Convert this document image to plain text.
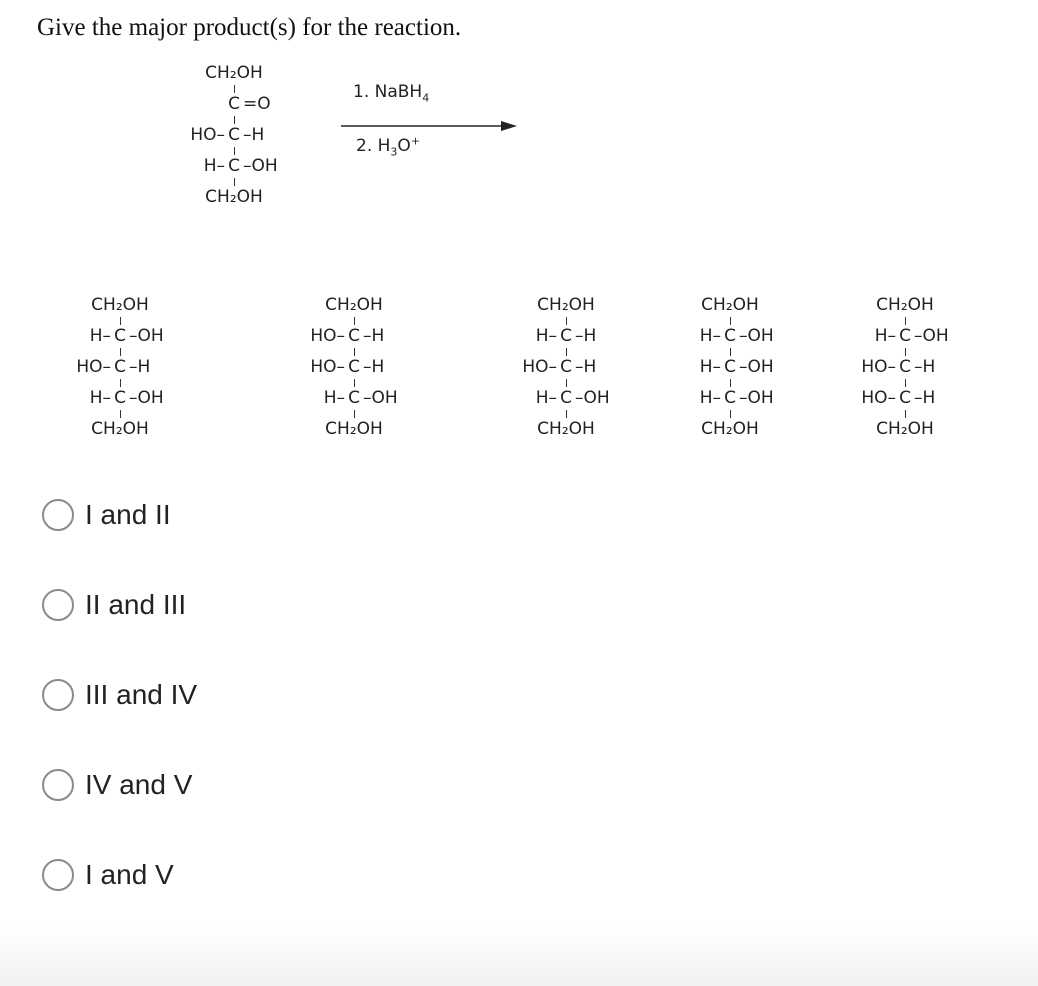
Give the major product(s) for the reaction.
CH₂OH
C =O
HO– C –H
H– C –OH
CH₂OH
1. NaBH$_4$
2. $H_3O^+$
CH₂OH
H– C –OH
HO– C –H
H– C –OH
CH₂OH
CH₂OH
HO– C –H
HO– C –H
H– C –OH
CH₂OH
CH₂OH
H– C –H
HO– C –H
H– C –OH
CH₂OH
CH₂OH
H– C –OH
H– C –OH
H– C –OH
CH₂OH
CH₂OH
H– C –OH
HO– C –H
HO– C –H
CH₂OH
I and II
II and III
III and IV
IV and V
I and V
